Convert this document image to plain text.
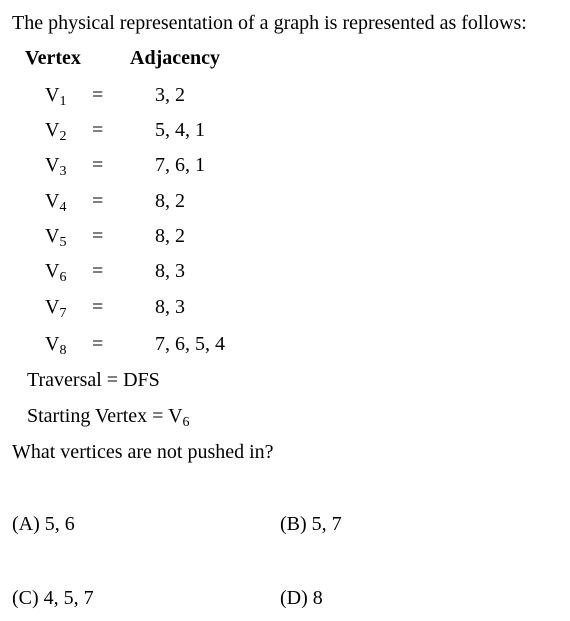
The physical representation of a graph is represented as follows:
Vertex Adjacency
$V_1$ =	3, 2
$V_2$ =	5, 4, 1
$V_3$ =	7, 6, 1
$V_4$ =	8, 2
$V_5$ =	8, 2
$V_6$ =	8, 3
$V_7$ =	8, 3
$V_8$ =	7, 6, 5, 4
Traversal = DFS
Starting Vertex = $V_6$
What vertices are not pushed in?
(A) 5, 6	(B) 5, 7
(C) 4, 5, 7	(D) 8
